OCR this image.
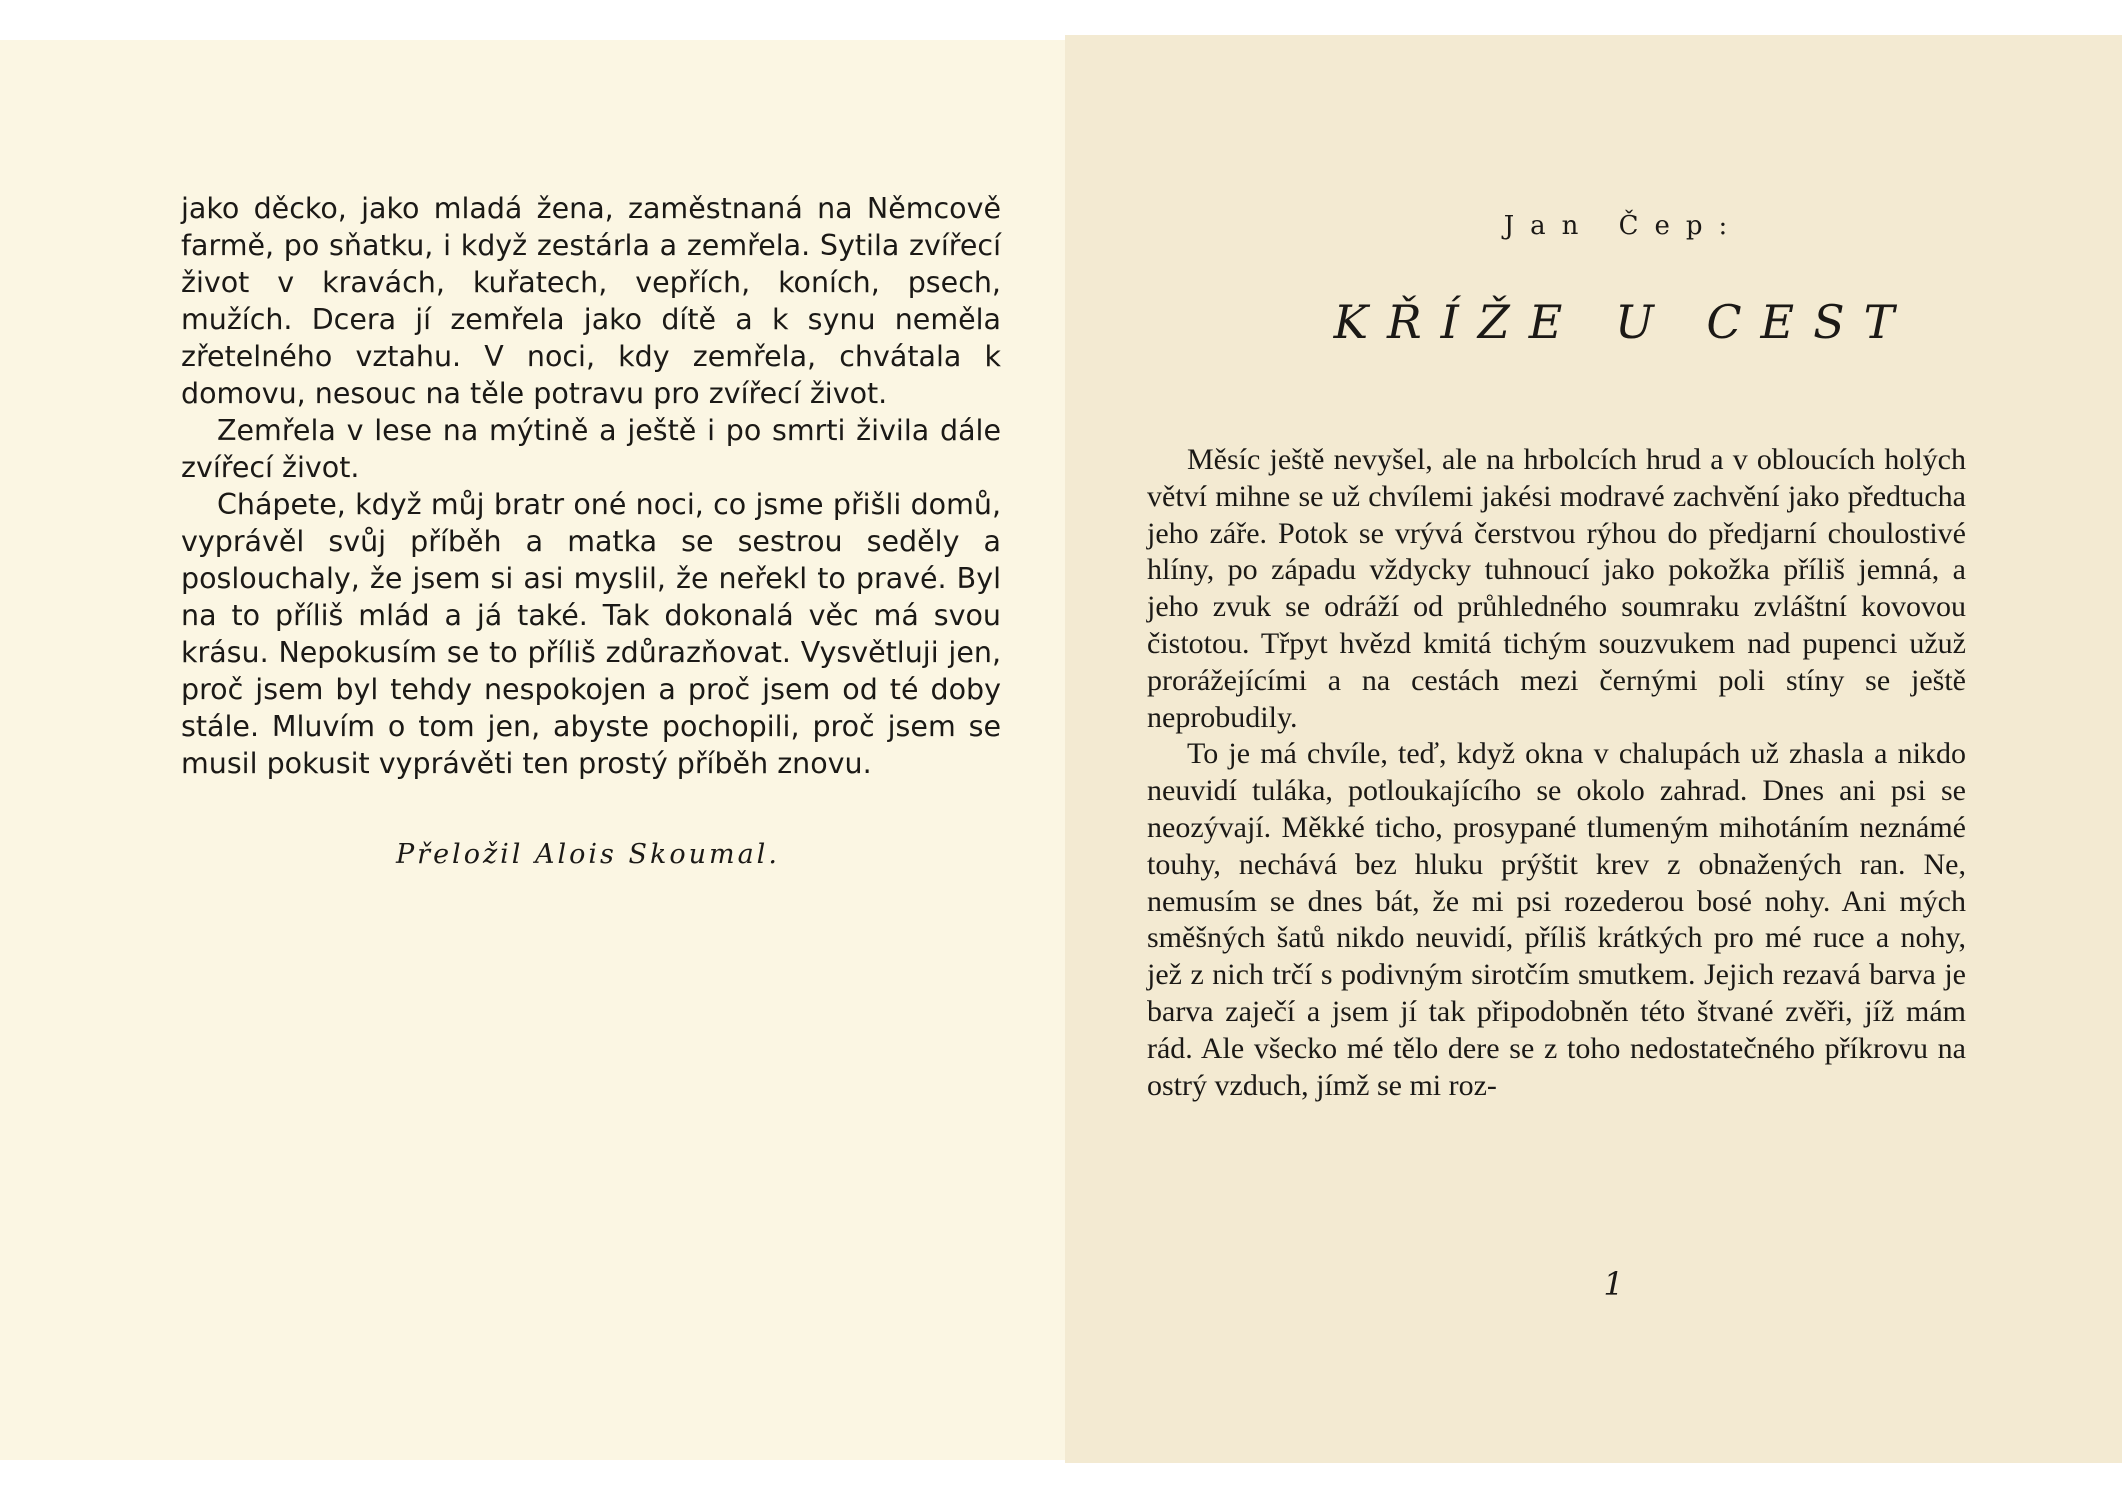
jako děcko, jako mladá žena, zaměstnaná na Němcově farmě, po sňatku, i když zestárla a zemřela. Sytila zvířecí život v kravách, kuřatech, vepřích, koních, psech, mužích. Dcera jí zemřela jako dítě a k synu neměla zřetelného vztahu. V noci, kdy zemřela, chvátala k domovu, nesouc na těle potravu pro zvířecí život.

Zemřela v lese na mýtině a ještě i po smrti živila dále zvířecí život.

Chápete, když můj bratr oné noci, co jsme přišli domů, vyprávěl svůj příběh a matka se sestrou seděly a poslouchaly, že jsem si asi myslil, že neřekl to pravé. Byl na to příliš mlád a já také. Tak dokonalá věc má svou krásu. Nepokusím se to příliš zdůrazňovat. Vysvětluji jen, proč jsem byl tehdy nespokojen a proč jsem od té doby stále. Mluvím o tom jen, abyste pochopili, proč jsem se musil pokusit vyprávěti ten prostý příběh znovu.

Přeložil Alois Skoumal.
Jan Čep:
KŘÍŽE U CEST

Měsíc ještě nevyšel, ale na hrbolcích hrud a v obloucích holých větví mihne se už chvílemi jakési modravé zachvění jako předtucha jeho záře. Potok se vrývá čerstvou rýhou do předjarní choulostivé hlíny, po západu vždycky tuhnoucí jako pokožka příliš jemná, a jeho zvuk se odráží od průhledného soumraku zvláštní kovovou čistotou. Třpyt hvězd kmitá tichým souzvukem nad pupenci užuž prorážejícími a na cestách mezi černými poli stíny se ještě neprobudily.

To je má chvíle, teď, když okna v chalupách už zhasla a nikdo neuvidí tuláka, potloukajícího se okolo zahrad. Dnes ani psi se neozývají. Měkké ticho, prosypané tlumeným mihotáním neznámé touhy, nechává bez hluku prýštit krev z obnažených ran. Ne, nemusím se dnes bát, že mi psi rozederou bosé nohy. Ani mých směšných šatů nikdo neuvidí, příliš krátkých pro mé ruce a nohy, jež z nich trčí s podivným sirotčím smutkem. Jejich rezavá barva je barva zaječí a jsem jí tak připodobněn této štvané zvěři, jíž mám rád. Ale všecko mé tělo dere se z toho nedostatečného příkrovu na ostrý vzduch, jímž se mi roz-

1
